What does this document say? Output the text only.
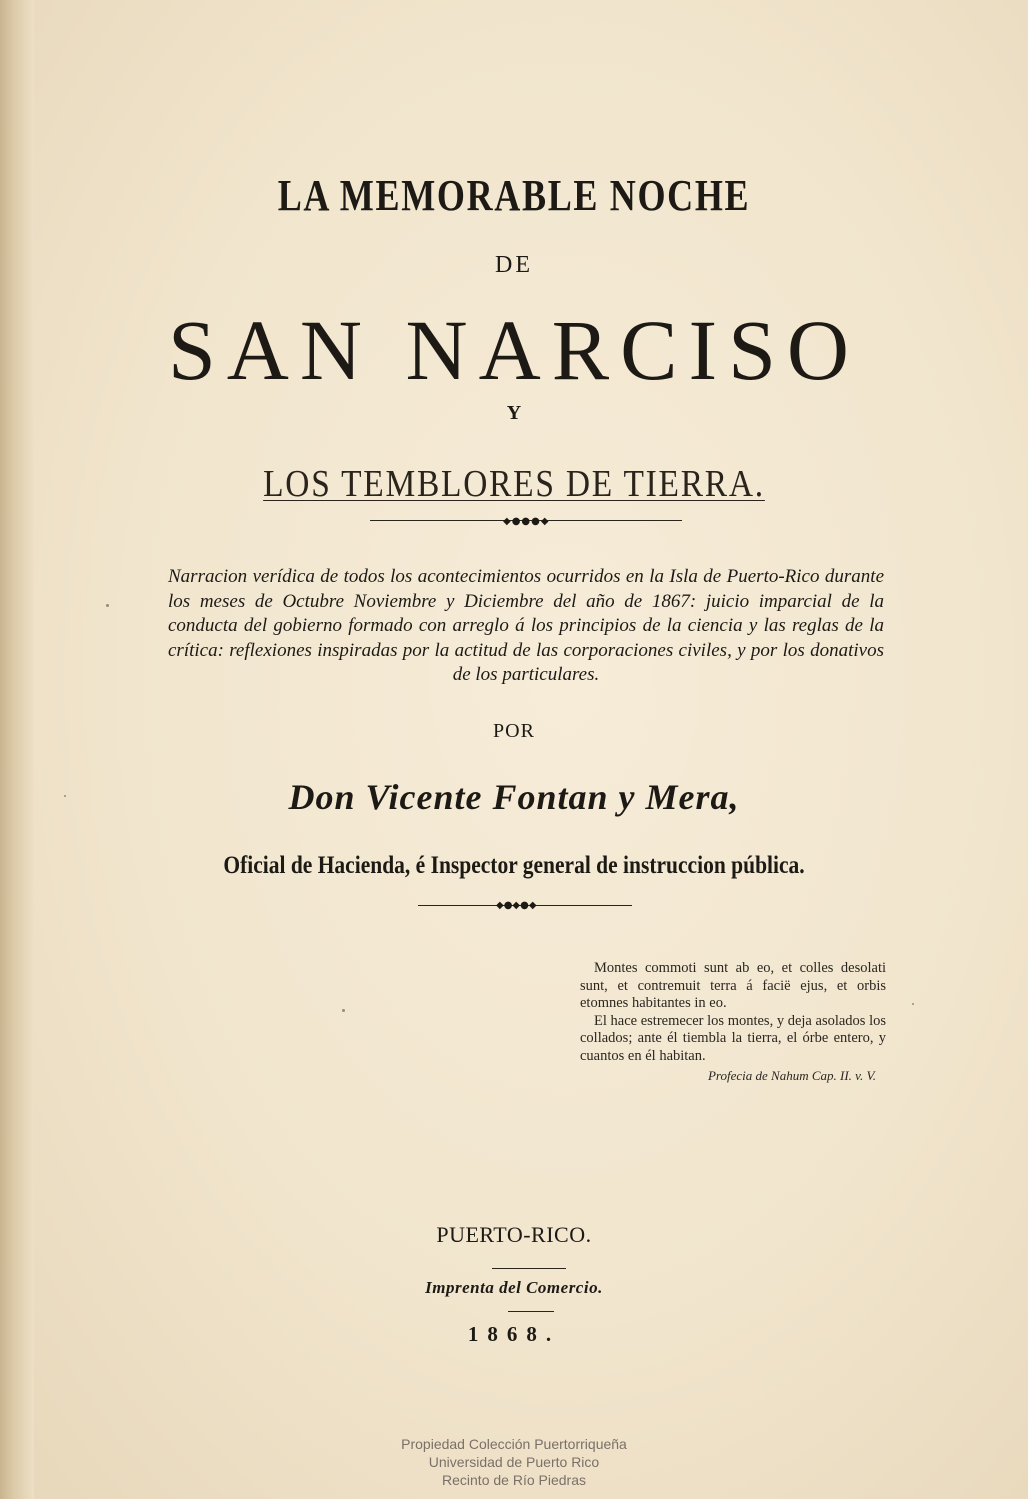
LA MEMORABLE NOCHE
DE
SAN NARCISO
Y
LOS TEMBLORES DE TIERRA.
◆●●●◆
Narracion verídica de todos los acontecimientos ocurridos en la Isla de Puerto-Rico durante los meses de Octubre Noviembre y Diciembre del año de 1867: juicio imparcial de la conducta del gobierno formado con arreglo á los principios de la ciencia y las reglas de la crítica: reflexiones inspiradas por la actitud de las corporaciones civiles, y por los donativos de los particulares.
POR
Don Vicente Fontan y Mera,
Oficial de Hacienda, é Inspector general de instruccion pública.
◆●◆●◆

Montes commoti sunt ab eo, et colles desolati sunt, et contremuit terra á facië ejus, et orbis etomnes habitantes in eo.

El hace estremecer los montes, y deja asolados los collados; ante él tiembla la tierra, el órbe entero, y cuantos en él habitan.

Profecia de Nahum Cap. II. v. V.

PUERTO-RICO.
Imprenta del Comercio.
1868.
Propiedad Colección Puertorriqueña
Universidad de Puerto Rico
Recinto de Río Piedras
